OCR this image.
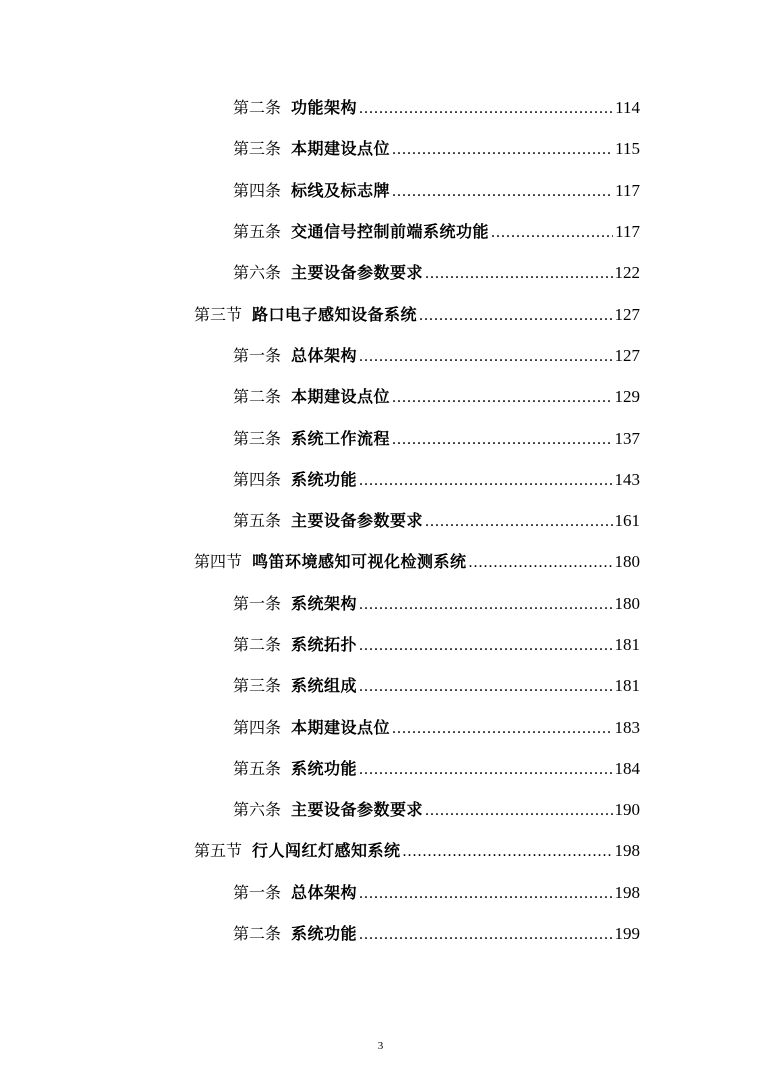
第二条 功能架构 .....	114
第三条 本期建设点位 .....	115
第四条 标线及标志牌 .....	117
第五条 交通信号控制前端系统功能 .....	117
第六条 主要设备参数要求 .....	122
第三节 路口电子感知设备系统 .....	127
第一条 总体架构 .....	127
第二条 本期建设点位 .....	129
第三条 系统工作流程 .....	137
第四条 系统功能 .....	143
第五条 主要设备参数要求 .....	161
第四节 鸣笛环境感知可视化检测系统 .....	180
第一条 系统架构 .....	180
第二条 系统拓扑 .....	181
第三条 系统组成 .....	181
第四条 本期建设点位 .....	183
第五条 系统功能 .....	184
第六条 主要设备参数要求 .....	190
第五节 行人闯红灯感知系统 .....	198
第一条 总体架构 .....	198
第二条 系统功能 .....	199
3
